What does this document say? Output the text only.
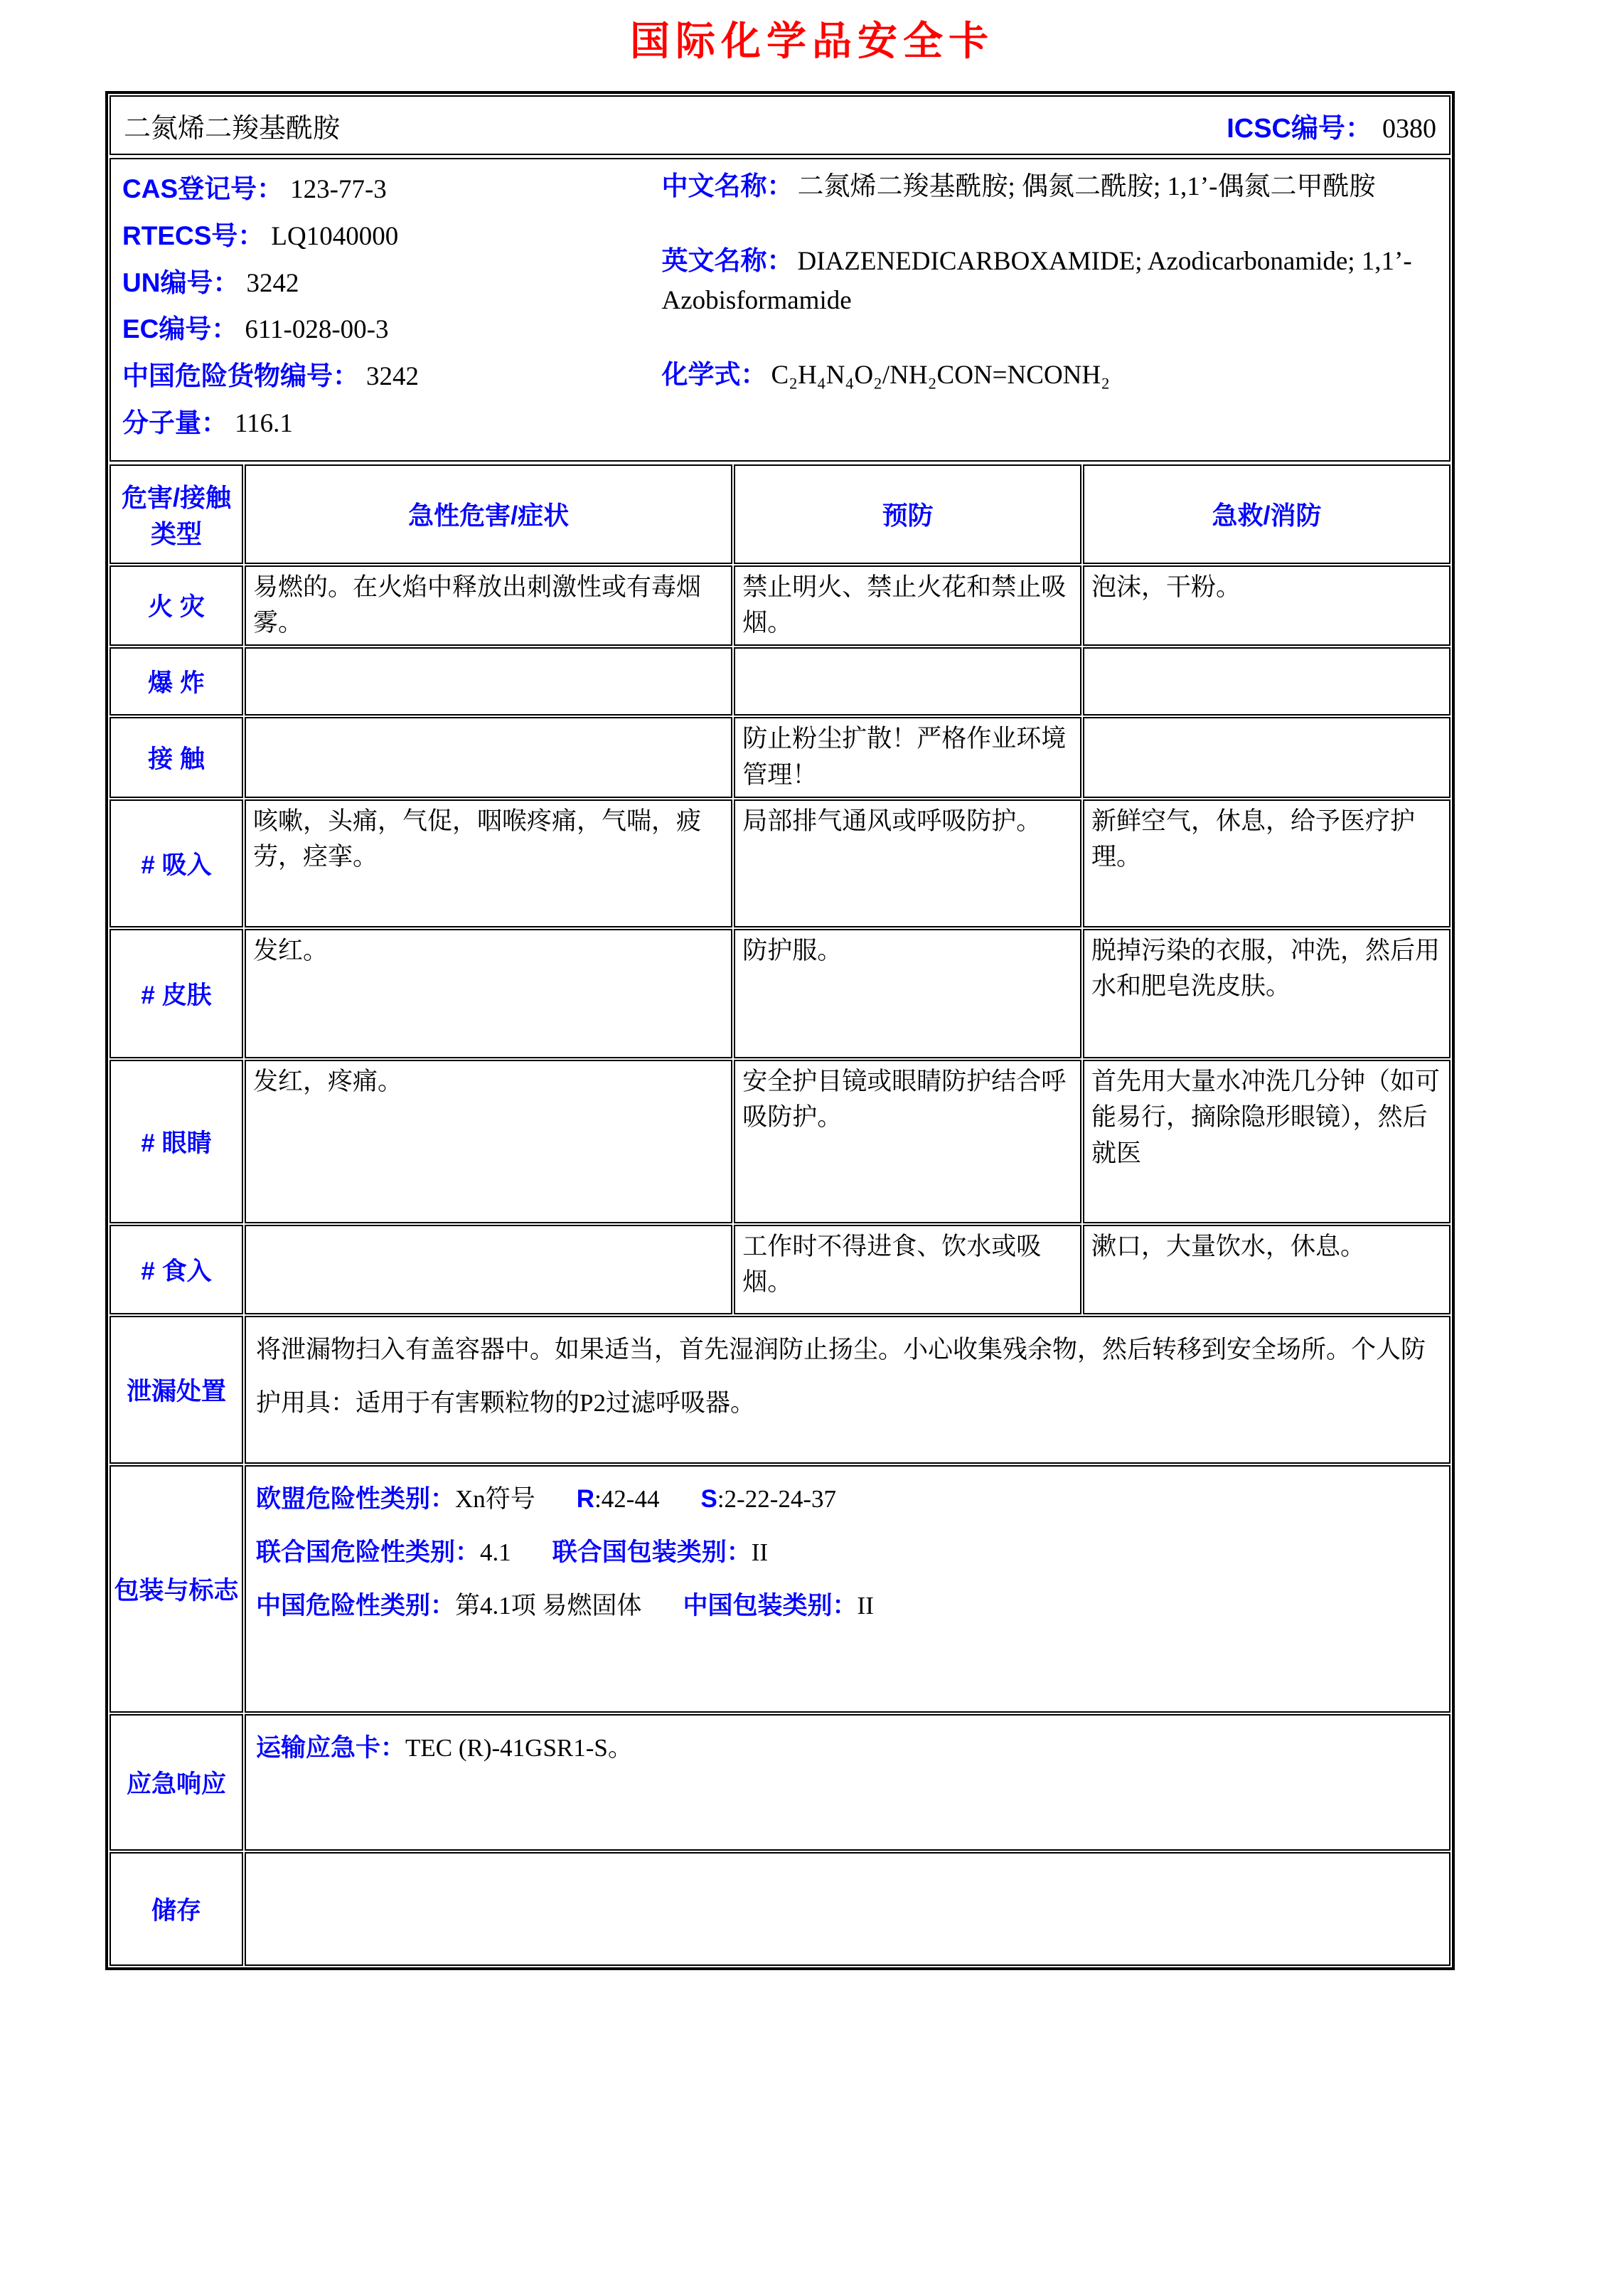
国际化学品安全卡
二氮烯二羧基酰胺	ICSC编号： 0380
CAS登记号： 123-77-3
RTECS号： LQ1040000
UN编号： 3242
EC编号： 611-028-00-3
中国危险货物编号： 3242
分子量： 116.1
中文名称： 二氮烯二羧基酰胺; 偶氮二酰胺; 1,1’-偶氮二甲酰胺
英文名称： DIAZENEDICARBOXAMIDE; Azodicarbonamide; 1,1’-Azobisformamide
化学式： C₂H₄N₄O₂/NH₂CON=NCONH₂
危害/接触类型	急性危害/症状	预防	急救/消防
火 灾	易燃的。在火焰中释放出刺激性或有毒烟雾。	禁止明火、禁止火花和禁止吸烟。	泡沫，干粉。
爆 炸			
接 触		防止粉尘扩散！严格作业环境管理！	
# 吸入	咳嗽，头痛，气促，咽喉疼痛，气喘，疲劳，痉挛。	局部排气通风或呼吸防护。	新鲜空气，休息，给予医疗护理。
# 皮肤	发红。	防护服。	脱掉污染的衣服，冲洗，然后用水和肥皂洗皮肤。
# 眼睛	发红，疼痛。	安全护目镜或眼睛防护结合呼吸防护。	首先用大量水冲洗几分钟（如可能易行，摘除隐形眼镜），然后就医
# 食入		工作时不得进食、饮水或吸烟。	漱口，大量饮水，休息。
泄漏处置	将泄漏物扫入有盖容器中。如果适当，首先湿润防止扬尘。小心收集残余物，然后转移到安全场所。个人防护用具：适用于有害颗粒物的P2过滤呼吸器。		
包装与标志	欧盟危险性类别：Xn符号 R:42-44 S:2-22-24-37
联合国危险性类别：4.1 联合国包装类别：II
中国危险性类别：第4.1项 易燃固体 中国包装类别：II		

应急响应	运输应急卡：TEC (R)-41GSR1-S。		
储存			
